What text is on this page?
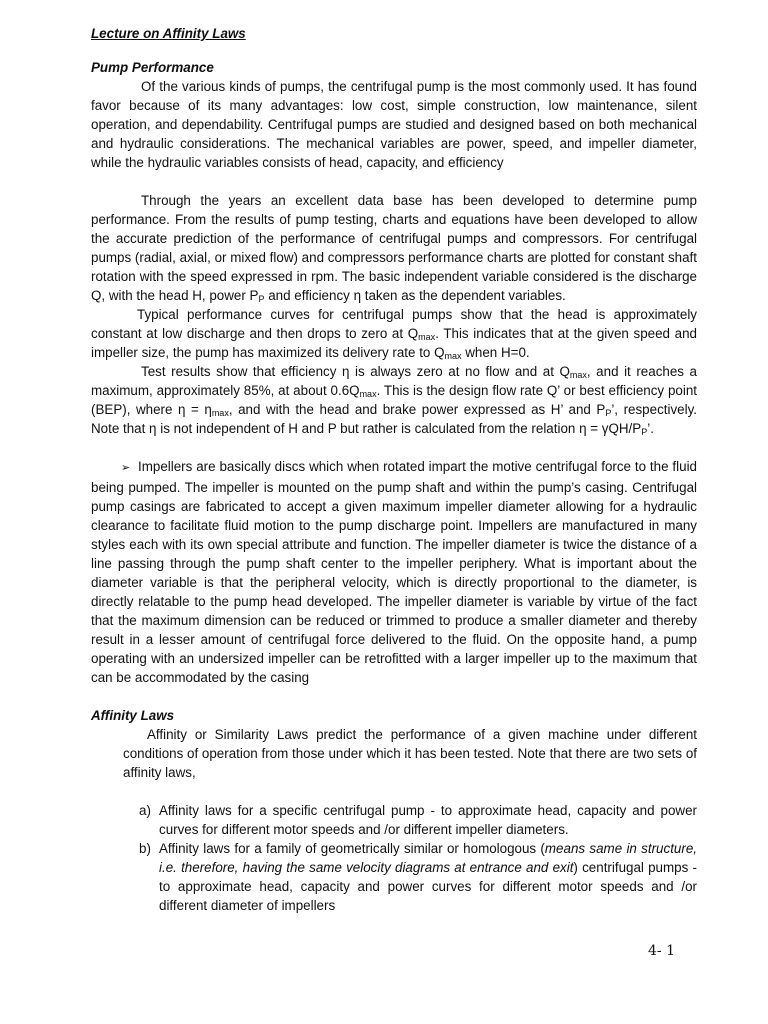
Lecture on Affinity Laws
Pump Performance

Of the various kinds of pumps, the centrifugal pump is the most commonly used. It has found favor because of its many advantages: low cost, simple construction, low maintenance, silent operation, and dependability. Centrifugal pumps are studied and designed based on both mechanical and hydraulic considerations. The mechanical variables are power, speed, and impeller diameter, while the hydraulic variables consists of head, capacity, and efficiency

Through the years an excellent data base has been developed to determine pump performance. From the results of pump testing, charts and equations have been developed to allow the accurate prediction of the performance of centrifugal pumps and compressors. For centrifugal pumps (radial, axial, or mixed flow) and compressors performance charts are plotted for constant shaft rotation with the speed expressed in rpm. The basic independent variable considered is the discharge Q, with the head H, power $P_P$ and efficiency η taken as the dependent variables.

Typical performance curves for centrifugal pumps show that the head is approximately constant at low discharge and then drops to zero at $Q_{max}$. This indicates that at the given speed and impeller size, the pump has maximized its delivery rate to $Q_{max}$ when H=0.

Test results show that efficiency η is always zero at no flow and at $Q_{max}$, and it reaches a maximum, approximately 85%, at about $0.6Q_{max}$. This is the design flow rate Q’ or best efficiency point (BEP), where $\eta = \eta_{max}$, and with the head and brake power expressed as H’ and $P_P$’, respectively. Note that η is not independent of H and P but rather is calculated from the relation η = γQH/$P_P$’.

➢ Impellers are basically discs which when rotated impart the motive centrifugal force to the fluid being pumped. The impeller is mounted on the pump shaft and within the pump’s casing. Centrifugal pump casings are fabricated to accept a given maximum impeller diameter allowing for a hydraulic clearance to facilitate fluid motion to the pump discharge point. Impellers are manufactured in many styles each with its own special attribute and function. The impeller diameter is twice the distance of a line passing through the pump shaft center to the impeller periphery. What is important about the diameter variable is that the peripheral velocity, which is directly proportional to the diameter, is directly relatable to the pump head developed. The impeller diameter is variable by virtue of the fact that the maximum dimension can be reduced or trimmed to produce a smaller diameter and thereby result in a lesser amount of centrifugal force delivered to the fluid. On the opposite hand, a pump operating with an undersized impeller can be retrofitted with a larger impeller up to the maximum that can be accommodated by the casing

Affinity Laws

Affinity or Similarity Laws predict the performance of a given machine under different conditions of operation from those under which it has been tested. Note that there are two sets of affinity laws,

a) Affinity laws for a specific centrifugal pump - to approximate head, capacity and power curves for different motor speeds and /or different impeller diameters.
b) Affinity laws for a family of geometrically similar or homologous (means same in structure, i.e. therefore, having the same velocity diagrams at entrance and exit) centrifugal pumps - to approximate head, capacity and power curves for different motor speeds and /or different diameter of impellers
4- 1
